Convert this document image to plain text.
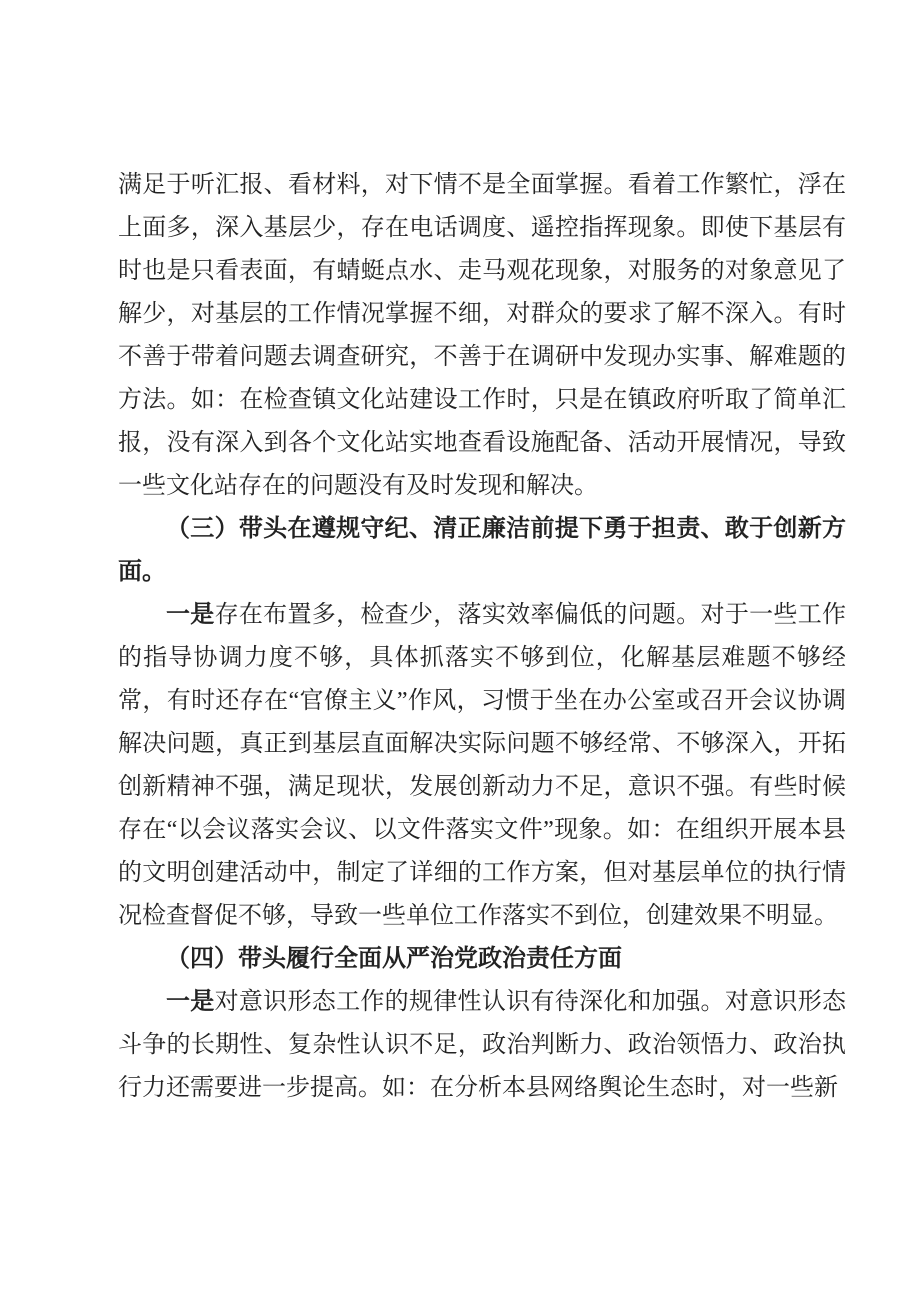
满足于听汇报、看材料，对下情不是全面掌握。看着工作繁忙，浮在上面多，深入基层少，存在电话调度、遥控指挥现象。即使下基层有时也是只看表面，有蜻蜓点水、走马观花现象，对服务的对象意见了解少，对基层的工作情况掌握不细，对群众的要求了解不深入。有时不善于带着问题去调查研究，不善于在调研中发现办实事、解难题的方法。如：在检查镇文化站建设工作时，只是在镇政府听取了简单汇报，没有深入到各个文化站实地查看设施配备、活动开展情况，导致一些文化站存在的问题没有及时发现和解决。

（三）带头在遵规守纪、清正廉洁前提下勇于担责、敢于创新方面。

一是存在布置多，检查少，落实效率偏低的问题。对于一些工作的指导协调力度不够，具体抓落实不够到位，化解基层难题不够经常，有时还存在“官僚主义”作风，习惯于坐在办公室或召开会议协调解决问题，真正到基层直面解决实际问题不够经常、不够深入，开拓创新精神不强，满足现状，发展创新动力不足，意识不强。有些时候存在“以会议落实会议、以文件落实文件”现象。如：在组织开展本县的文明创建活动中，制定了详细的工作方案，但对基层单位的执行情况检查督促不够，导致一些单位工作落实不到位，创建效果不明显。

（四）带头履行全面从严治党政治责任方面

一是对意识形态工作的规律性认识有待深化和加强。对意识形态斗争的长期性、复杂性认识不足，政治判断力、政治领悟力、政治执行力还需要进一步提高。如：在分析本县网络舆论生态时，对一些新
